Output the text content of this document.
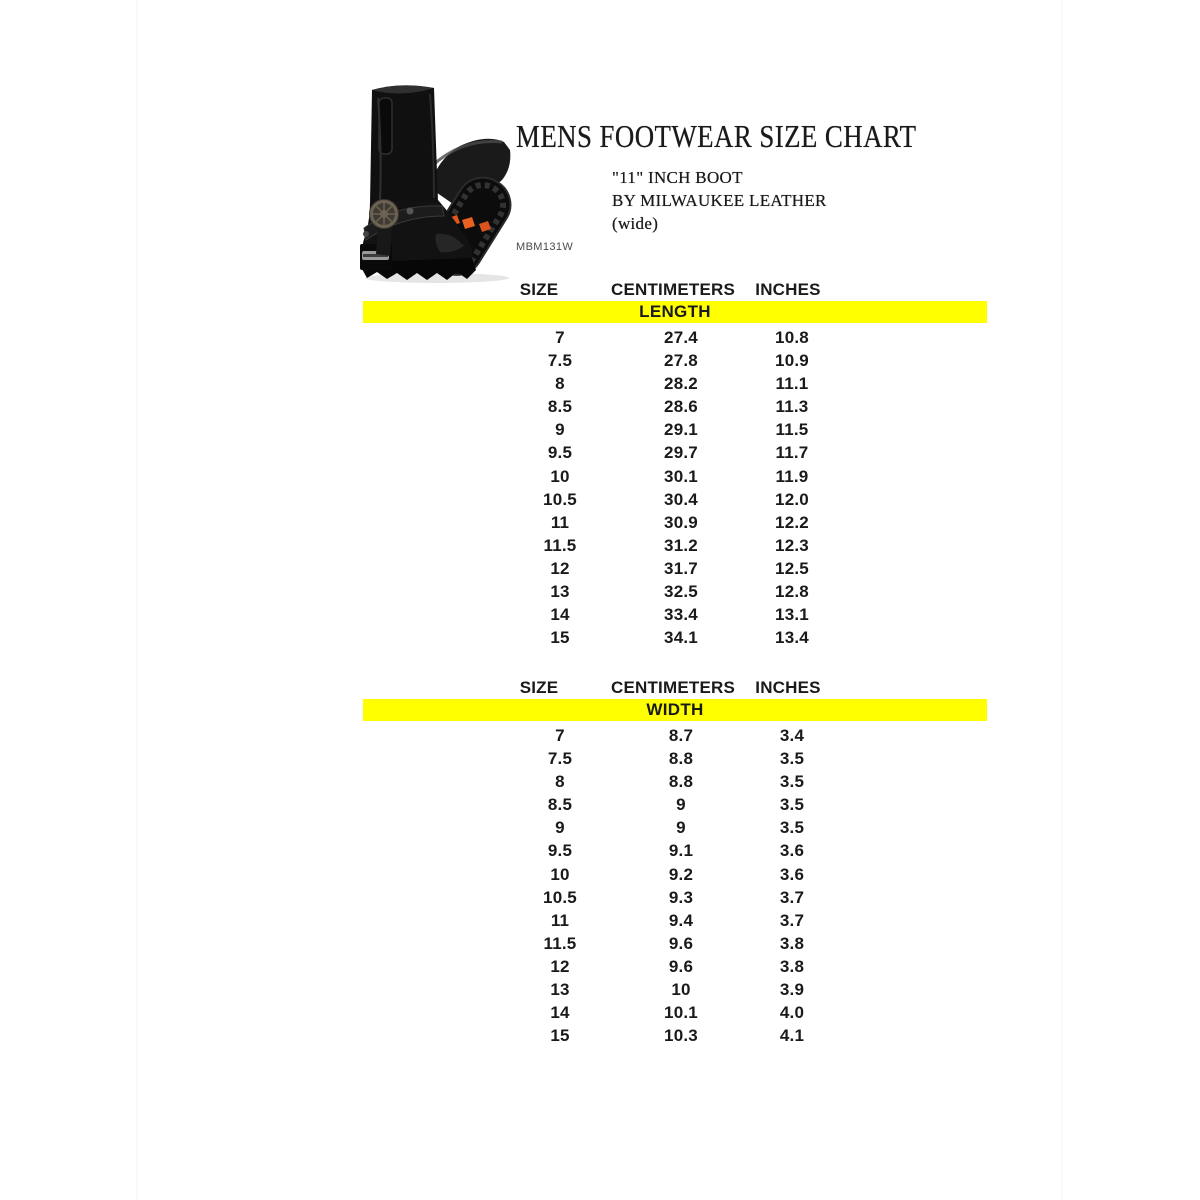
MBM131W
MENS FOOTWEAR SIZE CHART
"11" INCH BOOT
BY MILWAUKEE LEATHER
(wide)
SIZE	CENTIMETERS	INCHES
LENGTH
7	27.4	10.8
7.5	27.8	10.9
8	28.2	11.1
8.5	28.6	11.3
9	29.1	11.5
9.5	29.7	11.7
10	30.1	11.9
10.5	30.4	12.0
11	30.9	12.2
11.5	31.2	12.3
12	31.7	12.5
13	32.5	12.8
14	33.4	13.1
15	34.1	13.4
SIZE	CENTIMETERS	INCHES
WIDTH
7	8.7	3.4
7.5	8.8	3.5
8	8.8	3.5
8.5	9	3.5
9	9	3.5
9.5	9.1	3.6
10	9.2	3.6
10.5	9.3	3.7
11	9.4	3.7
11.5	9.6	3.8
12	9.6	3.8
13	10	3.9
14	10.1	4.0
15	10.3	4.1
